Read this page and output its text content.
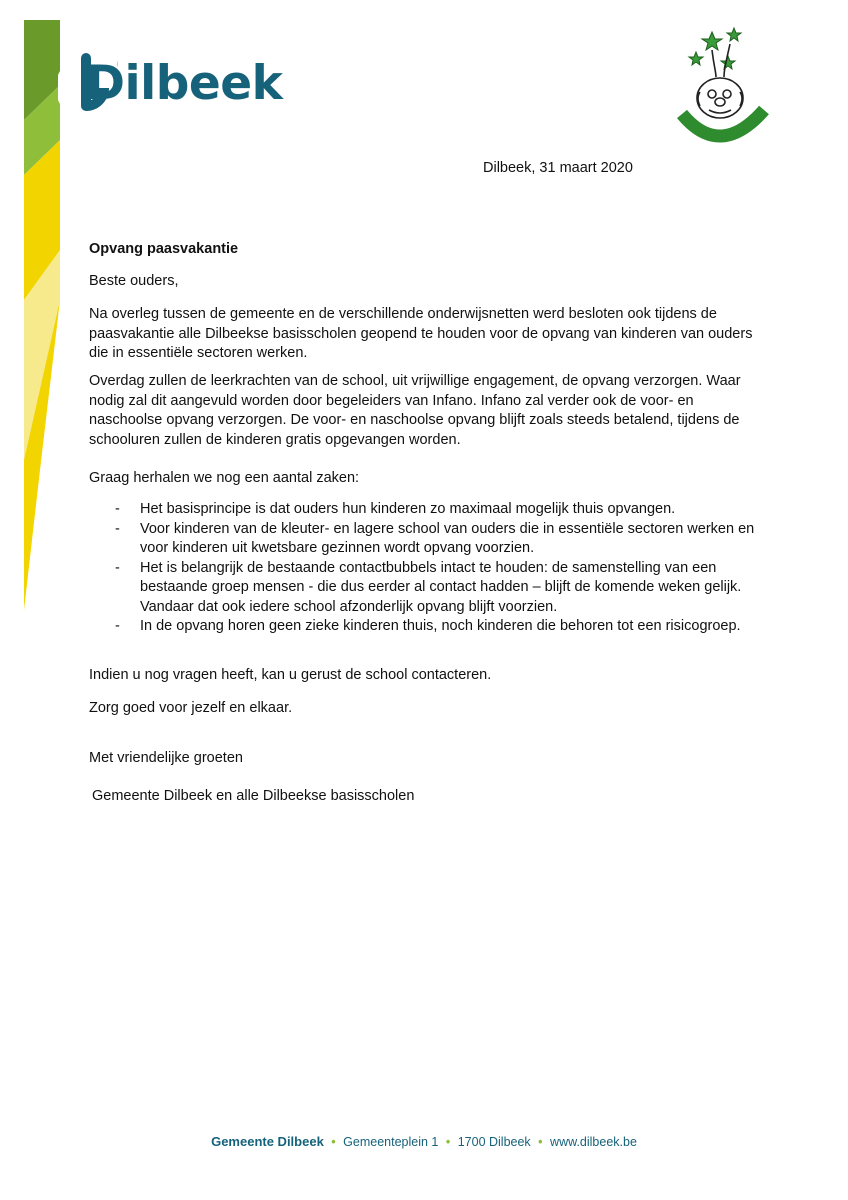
Dilbeek
Dilbeek, 31 maart 2020
Opvang paasvakantie
Beste ouders,
Na overleg tussen de gemeente en de verschillende onderwijsnetten werd besloten ook tijdens de paasvakantie alle Dilbeekse basisscholen geopend te houden voor de opvang van kinderen van ouders die in essentiële sectoren werken.
Overdag zullen de leerkrachten van de school, uit vrijwillige engagement, de opvang verzorgen. Waar nodig zal dit aangevuld worden door begeleiders van Infano. Infano zal verder ook de voor- en naschoolse opvang verzorgen. De voor- en naschoolse opvang blijft zoals steeds betalend, tijdens de schooluren zullen de kinderen gratis opgevangen worden.
Graag herhalen we nog een aantal zaken:
- Het basisprincipe is dat ouders hun kinderen zo maximaal mogelijk thuis opvangen.
- Voor kinderen van de kleuter- en lagere school van ouders die in essentiële sectoren werken en voor kinderen uit kwetsbare gezinnen wordt opvang voorzien.
- Het is belangrijk de bestaande contactbubbels intact te houden: de samenstelling van een bestaande groep mensen - die dus eerder al contact hadden – blijft de komende weken gelijk. Vandaar dat ook iedere school afzonderlijk opvang blijft voorzien.
- In de opvang horen geen zieke kinderen thuis, noch kinderen die behoren tot een risicogroep.
Indien u nog vragen heeft, kan u gerust de school contacteren.
Zorg goed voor jezelf en elkaar.
Met vriendelijke groeten
Gemeente Dilbeek en alle Dilbeekse basisscholen
Gemeente Dilbeek • Gemeenteplein 1 • 1700 Dilbeek • www.dilbeek.be
